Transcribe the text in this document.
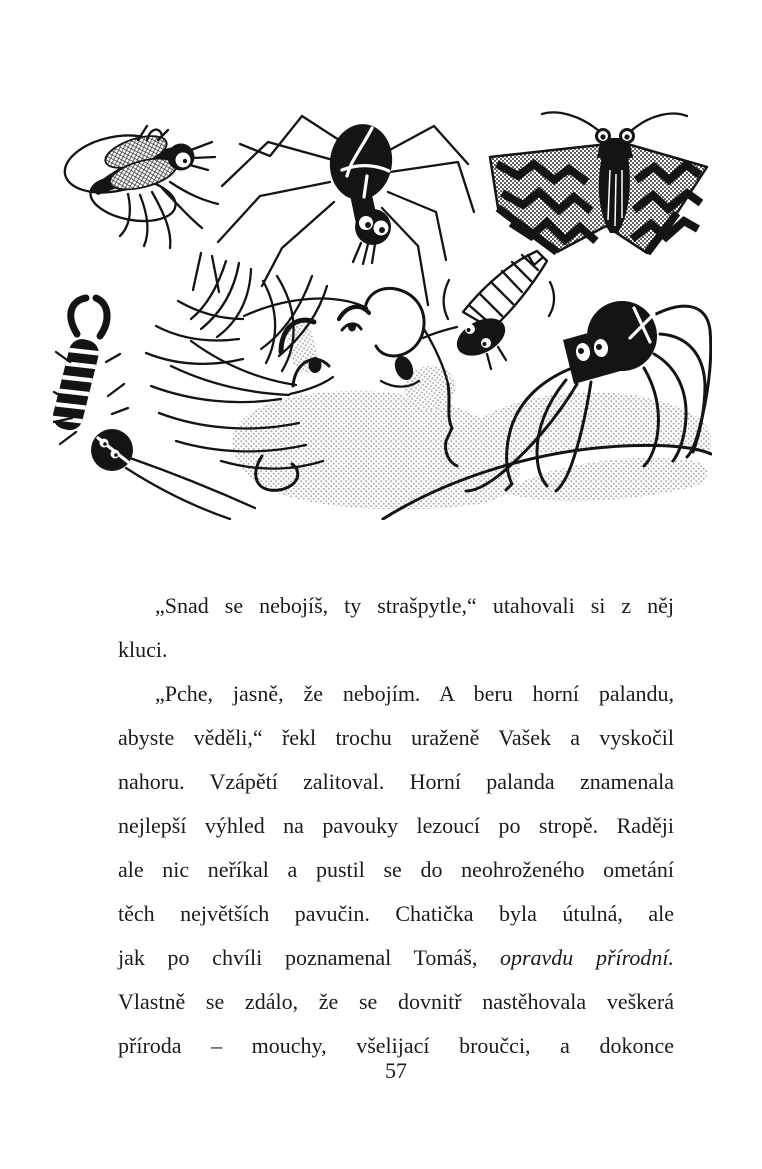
„Snad se nebojíš, ty strašpytle,“ utahovali si z něj
kluci.
„Pche, jasně, že nebojím. A beru horní palandu,
abyste věděli,“ řekl trochu uraženě Vašek a vyskočil
nahoru. Vzápětí zalitoval. Horní palanda znamenala
nejlepší výhled na pavouky lezoucí po stropě. Raději
ale nic neříkal a pustil se do neohroženého ometání
těch největších pavučin. Chatička byla útulná, ale
jak po chvíli poznamenal Tomáš, opravdu přírodní.
Vlastně se zdálo, že se dovnitř nastěhovala veškerá
příroda – mouchy, všelijací broučci, a dokonce
57
